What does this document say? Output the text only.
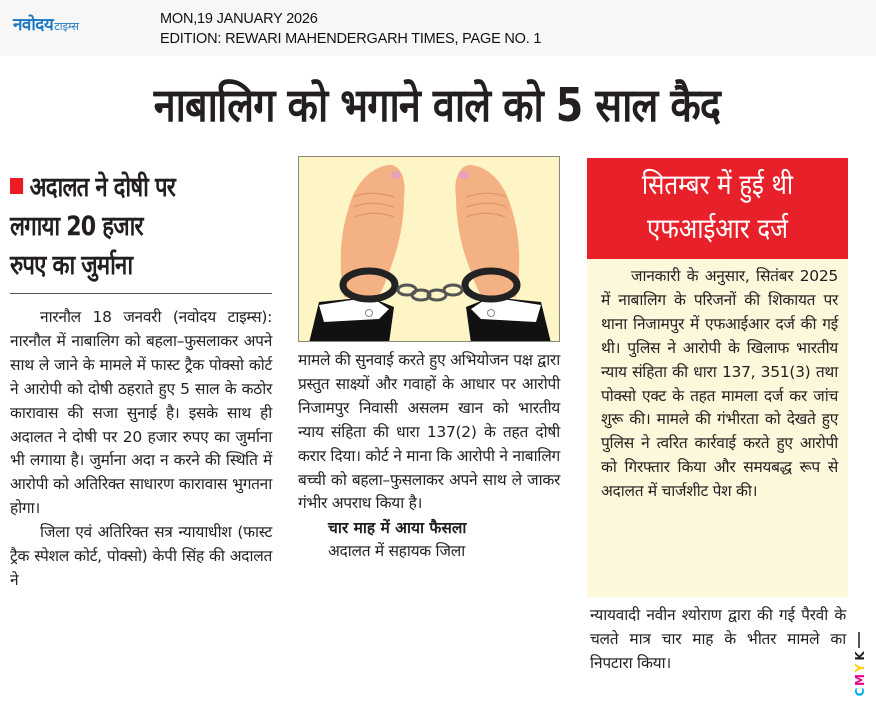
नवोदय टाइम्स	MON,19 JANUARY 2026
EDITION: REWARI MAHENDERGARH TIMES, PAGE NO. 1
नाबालिग को भगाने वाले को 5 साल कैद
अदालत ने दोषी पर
लगाया 20 हजार
रुपए का जुर्माना

नारनौल 18 जनवरी (नवोदय टाइम्स): नारनौल में नाबालिग को बहला–फुसलाकर अपने साथ ले जाने के मामले में फास्ट ट्रैक पोक्सो कोर्ट ने आरोपी को दोषी ठहराते हुए 5 साल के कठोर कारावास की सजा सुनाई है। इसके साथ ही अदालत ने दोषी पर 20 हजार रुपए का जुर्माना भी लगाया है। जुर्माना अदा न करने की स्थिति में आरोपी को अतिरिक्त साधारण कारावास भुगतना होगा।

जिला एवं अतिरिक्त सत्र न्यायाधीश (फास्ट ट्रैक स्पेशल कोर्ट, पोक्सो) केपी सिंह की अदालत ने

मामले की सुनवाई करते हुए अभियोजन पक्ष द्वारा प्रस्तुत साक्ष्यों और गवाहों के आधार पर आरोपी निजामपुर निवासी असलम खान को भारतीय न्याय संहिता की धारा 137(2) के तहत दोषी करार दिया। कोर्ट ने माना कि आरोपी ने नाबालिग बच्ची को बहला–फुसलाकर अपने साथ ले जाकर गंभीर अपराध किया है।

चार माह में आया फैसला

अदालत में सहायक जिला

सितम्बर में हुई थी
एफआईआर दर्ज

जानकारी के अनुसार, सितंबर 2025 में नाबालिग के परिजनों की शिकायत पर थाना निजामपुर में एफआईआर दर्ज की गई थी। पुलिस ने आरोपी के खिलाफ भारतीय न्याय संहिता की धारा 137, 351(3) तथा पोक्सो एक्ट के तहत मामला दर्ज कर जांच शुरू की। मामले की गंभीरता को देखते हुए पुलिस ने त्वरित कार्रवाई करते हुए आरोपी को गिरफ्तार किया और समयबद्ध रूप से अदालत में चार्जशीट पेश की।

न्यायवादी नवीन श्योराण द्वारा की गई पैरवी के चलते मात्र चार माह के भीतर मामले का निपटारा किया।	K
Y
M
C
